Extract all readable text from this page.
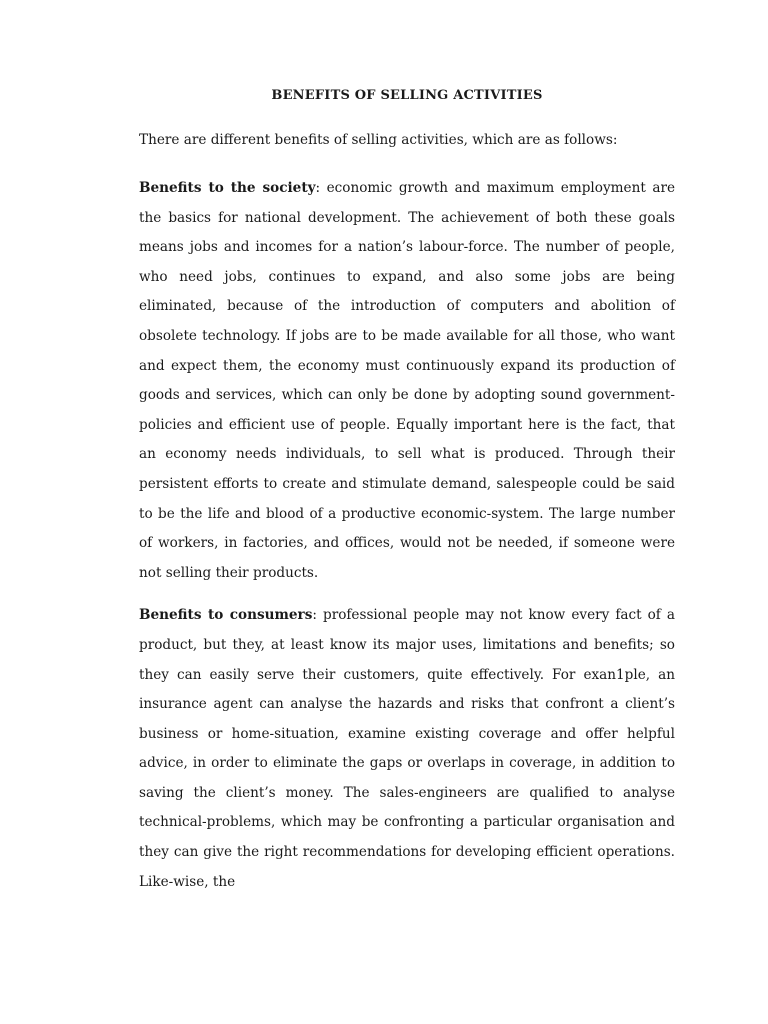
BENEFITS OF SELLING ACTIVITIES

There are different benefits of selling activities, which are as follows:

Benefits to the society: economic growth and maximum employment are the basics for national development. The achievement of both these goals means jobs and incomes for a nation’s labour-force. The number of people, who need jobs, continues to expand, and also some jobs are being eliminated, because of the introduction of computers and abolition of obsolete technology. If jobs are to be made available for all those, who want and expect them, the economy must continuously expand its production of goods and services, which can only be done by adopting sound government-policies and efficient use of people. Equally important here is the fact, that an economy needs individuals, to sell what is produced. Through their persistent efforts to create and stimulate demand, salespeople could be said to be the life and blood of a productive economic-system. The large number of workers, in factories, and offices, would not be needed, if someone were not selling their products.

Benefits to consumers: professional people may not know every fact of a product, but they, at least know its major uses, limitations and benefits; so they can easily serve their customers, quite effectively. For exan1ple, an insurance agent can analyse the hazards and risks that confront a client’s business or home-situation, examine existing coverage and offer helpful advice, in order to eliminate the gaps or overlaps in coverage, in addition to saving the client’s money. The sales-engineers are qualified to analyse technical-problems, which may be confronting a particular organisation and they can give the right recommendations for developing efficient operations. Like-wise, the
